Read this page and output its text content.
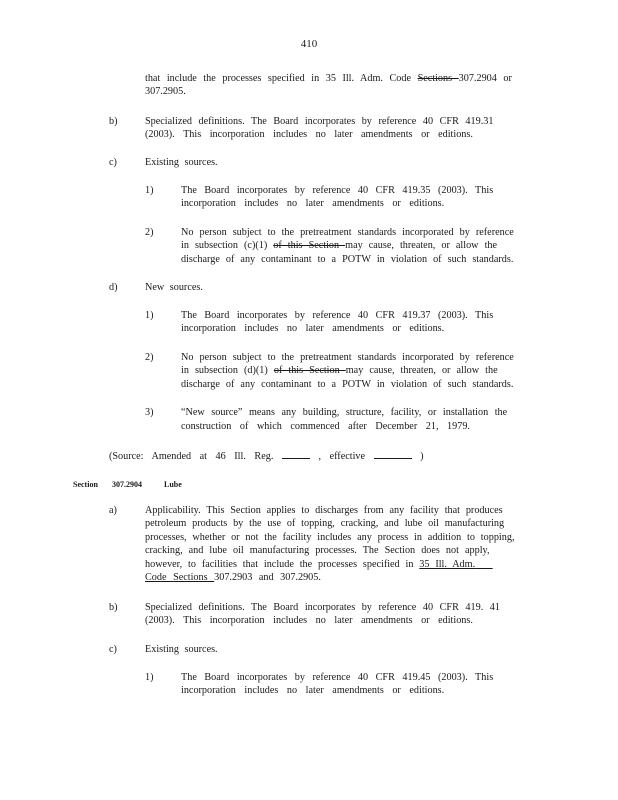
410
that include the processes specified in 35 Ill. Adm. Code Sections 307.2904 or
307.2905.
b)	Specialized definitions. The Board incorporates by reference 40 CFR 419.31
(2003). This incorporation includes no later amendments or editions.
c)	Existing sources.
1)	The Board incorporates by reference 40 CFR 419.35 (2003). This
incorporation includes no later amendments or editions.
2)	No person subject to the pretreatment standards incorporated by reference
in subsection (c)(1) of this Section may cause, threaten, or allow the
discharge of any contaminant to a POTW in violation of such standards.
d)	New sources.
1)	The Board incorporates by reference 40 CFR 419.37 (2003). This
incorporation includes no later amendments or editions.
2)	No person subject to the pretreatment standards incorporated by reference
in subsection (d)(1) of this Section may cause, threaten, or allow the
discharge of any contaminant to a POTW in violation of such standards.
3)	“New source” means any building, structure, facility, or installation the
construction of which commenced after December 21, 1979.
(Source: Amended at 46 Ill. Reg.	, effective	)
Section 307.2904	Lube
a)	Applicability. This Section applies to discharges from any facility that produces
petroleum products by the use of topping, cracking, and lube oil manufacturing
processes, whether or not the facility includes any process in addition to topping,
cracking, and lube oil manufacturing processes. The Section does not apply,
however, to facilities that include the processes specified in 35 Ill. Adm.
Code Sections 307.2903 and 307.2905.
b)	Specialized definitions. The Board incorporates by reference 40 CFR 419. 41
(2003). This incorporation includes no later amendments or editions.
c)	Existing sources.
1)	The Board incorporates by reference 40 CFR 419.45 (2003). This
incorporation includes no later amendments or editions.
